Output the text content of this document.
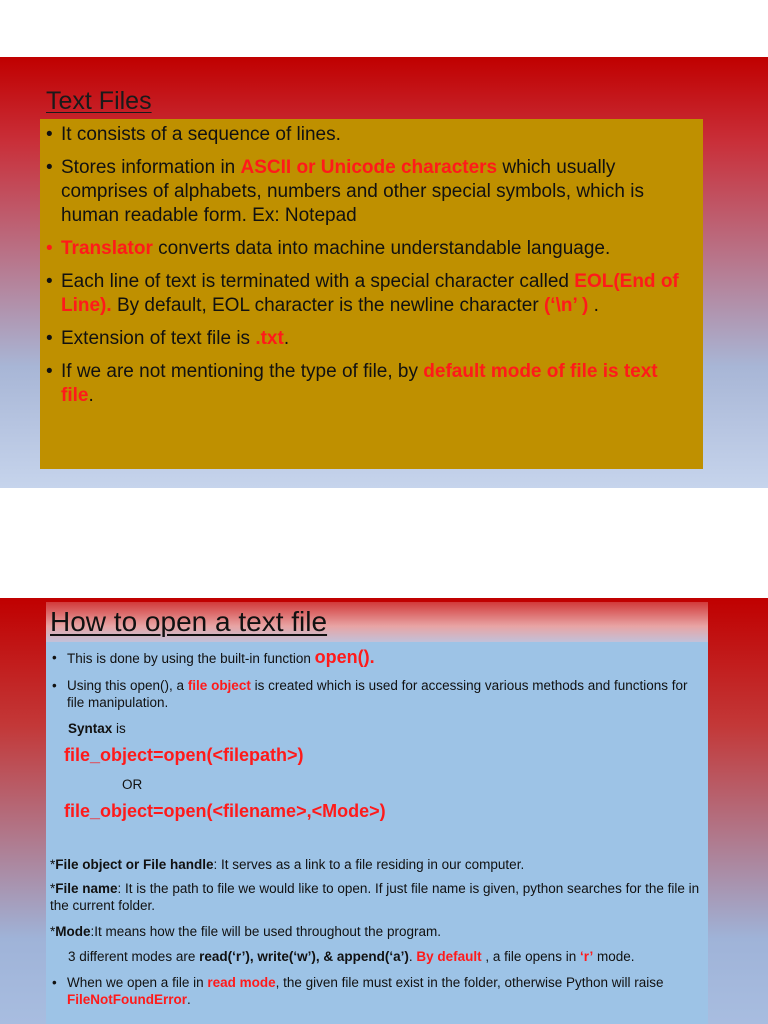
Text Files
• It consists of a sequence of lines.
• Stores information in ASCII or Unicode characters which usually comprises of alphabets, numbers and other special symbols, which is human readable form. Ex: Notepad
• Translator converts data into machine understandable language.
• Each line of text is terminated with a special character called EOL(End of Line). By default, EOL character is the newline character (‘\n’ ) .
• Extension of text file is .txt.
• If we are not mentioning the type of file, by default mode of file is text file.
How to open a text file
• This is done by using the built-in function open().
• Using this open(), a file object is created which is used for accessing various methods and functions for file manipulation.
Syntax is
file_object=open(<filepath>)
OR
file_object=open(<filename>,<Mode>)
*File object or File handle: It serves as a link to a file residing in our computer.
*File name: It is the path to file we would like to open. If just file name is given, python searches for the file in the current folder.
*Mode:It means how the file will be used throughout the program.
3 different modes are read(‘r’), write(‘w’), & append(‘a’). By default , a file opens in ‘r’ mode.
• When we open a file in read mode, the given file must exist in the folder, otherwise Python will raise FileNotFoundError.
